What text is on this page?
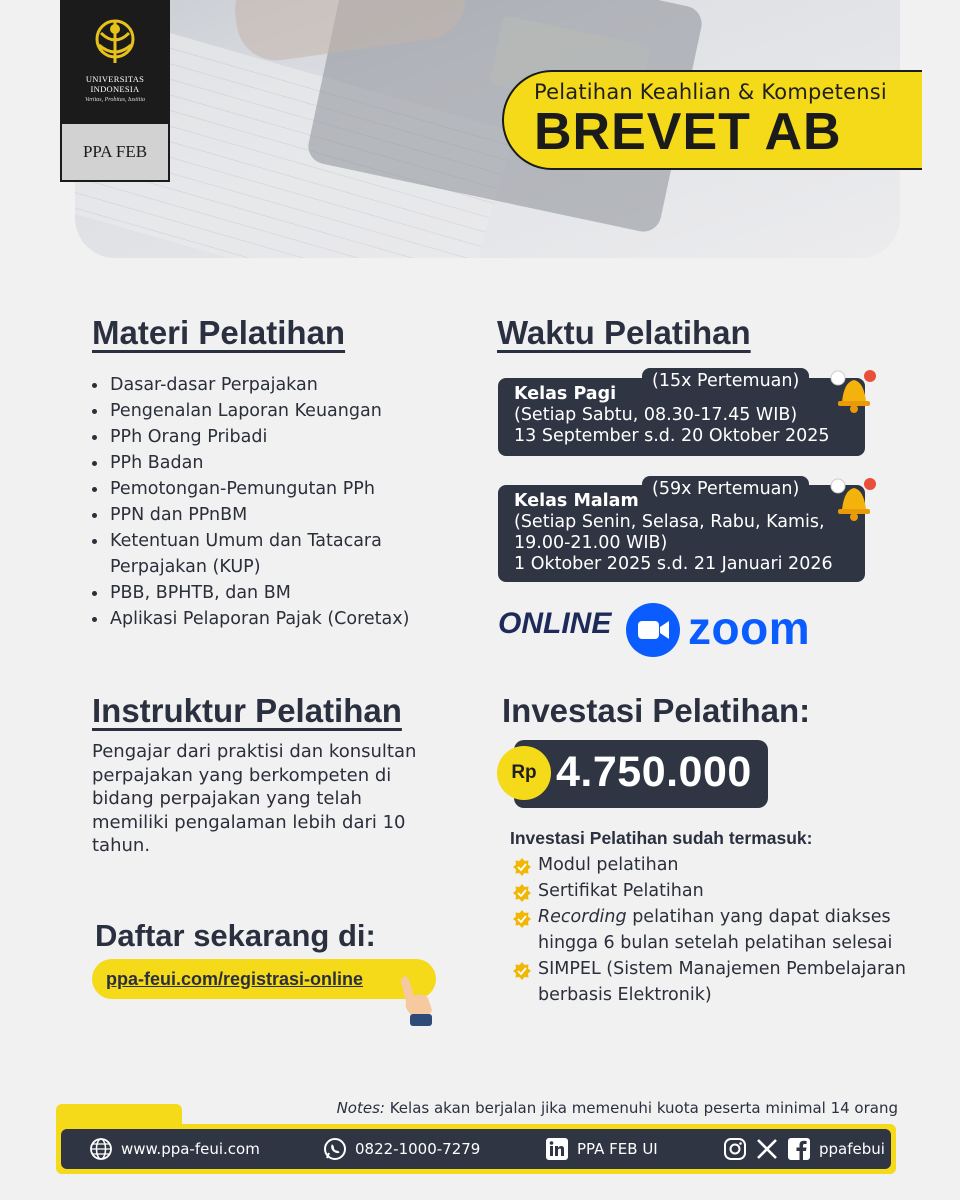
UNIVERSITAS
INDONESIA
Veritas, Probitas, Iustitia
PPA FEB
Pelatihan Keahlian & Kompetensi
BREVET AB
Materi Pelatihan
Dasar-dasar Perpajakan
Pengenalan Laporan Keuangan
PPh Orang Pribadi
PPh Badan
Pemotongan-Pemungutan PPh
PPN dan PPnBM
Ketentuan Umum dan Tatacara Perpajakan (KUP)
PBB, BPHTB, dan BM
Aplikasi Pelaporan Pajak (Coretax)
Waktu Pelatihan
Kelas Pagi
(Setiap Sabtu, 08.30-17.45 WIB)
13 September s.d. 20 Oktober 2025
(15x Pertemuan)
Kelas Malam
(Setiap Senin, Selasa, Rabu, Kamis,
19.00-21.00 WIB)
1 Oktober 2025 s.d. 21 Januari 2026
(59x Pertemuan)
ONLINE zoom
Instruktur Pelatihan
Pengajar dari praktisi dan konsultan perpajakan yang berkompeten di bidang perpajakan yang telah memiliki pengalaman lebih dari 10 tahun.
Daftar sekarang di:
ppa-feui.com/registrasi-online
Investasi Pelatihan:
Rp 4.750.000
Investasi Pelatihan sudah termasuk:
Modul pelatihan
Sertifikat Pelatihan
Recording pelatihan yang dapat diakses hingga 6 bulan setelah pelatihan selesai
SIMPEL (Sistem Manajemen Pembelajaran berbasis Elektronik)
Notes: Kelas akan berjalan jika memenuhi kuota peserta minimal 14 orang
www.ppa-feui.com	0822-1000-7279	PPA FEB UI	ppafebui
